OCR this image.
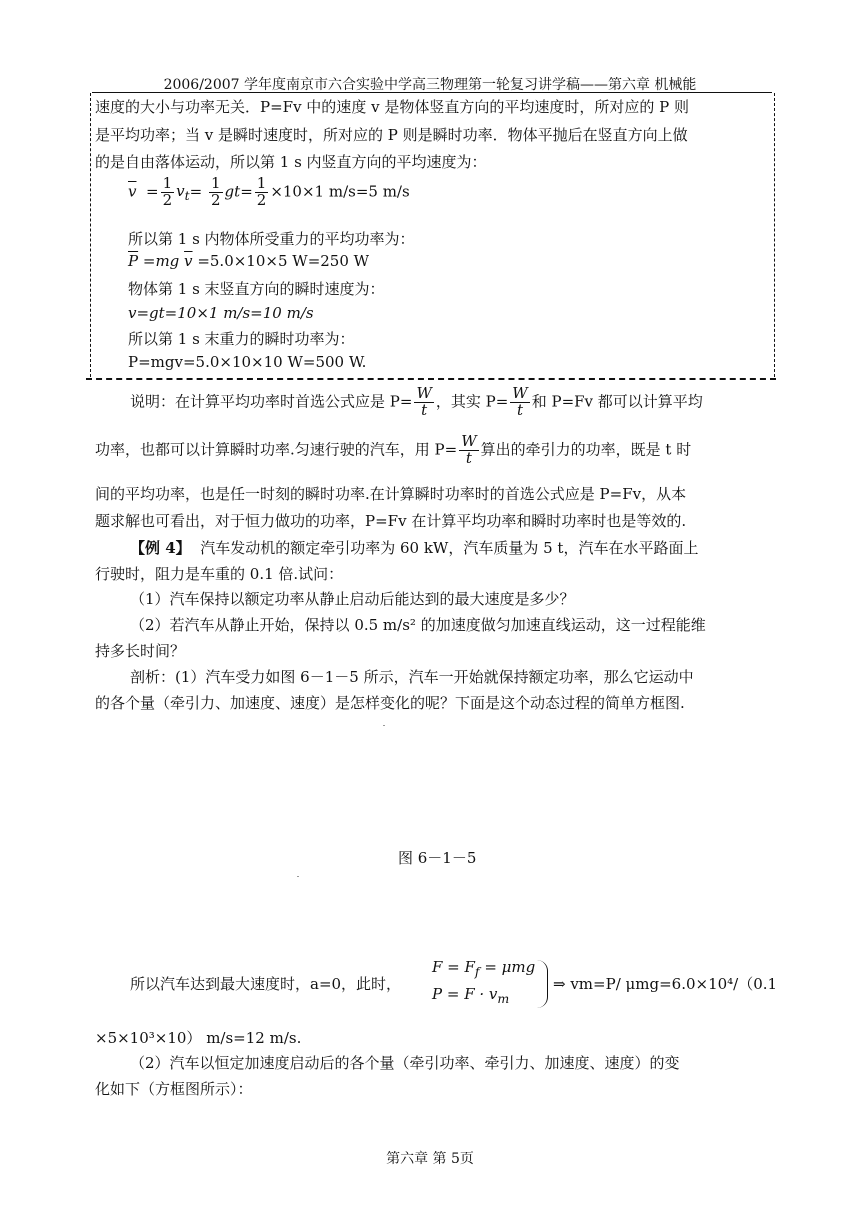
2006/2007 学年度南京市六合实验中学高三物理第一轮复习讲学稿——第六章 机械能
速度的大小与功率无关．P=Fv 中的速度 v 是物体竖直方向的平均速度时，所对应的 P 则
是平均功率；当 v 是瞬时速度时，所对应的 P 则是瞬时功率．物体平抛后在竖直方向上做
的是自由落体运动，所以第 1 s 内竖直方向的平均速度为：
$\overline{v} = \frac{1}{2} v_t= \frac{1}{2} gt= \frac{1}{2} \times 10\times 1$ m/s=5 m/s
所以第 1 s 内物体所受重力的平均功率为：
$\overline{P} =mg$ $\overline{v} =5.0\times 10\times 5$ W=250 W
物体第 1 s 末竖直方向的瞬时速度为：
v=gt=10×1 m/s=10 m/s
所以第 1 s 末重力的瞬时功率为：
P=mgv=5.0×10×10 W=500 W.
说明：在计算平均功率时首选公式应是 $P= \frac{W}{t}$ ，其实 $P= \frac{W}{t}$ 和 P=Fv 都可以计算平均
功率，也都可以计算瞬时功率.匀速行驶的汽车，用 $P= \frac{W}{t}$ 算出的牵引力的功率，既是 t 时
间的平均功率，也是任一时刻的瞬时功率.在计算瞬时功率时的首选公式应是 P=Fv，从本
题求解也可看出，对于恒力做功的功率，P=Fv 在计算平均功率和瞬时功率时也是等效的.
【例 4】 汽车发动机的额定牵引功率为 60 kW，汽车质量为 5 t，汽车在水平路面上
行驶时，阻力是车重的 0.1 倍.试问：
（1）汽车保持以额定功率从静止启动后能达到的最大速度是多少？
（2）若汽车从静止开始，保持以 0.5 m/s² 的加速度做匀加速直线运动，这一过程能维
持多长时间？
剖析：(1）汽车受力如图 6－1－5 所示，汽车一开始就保持额定功率，那么它运动中
的各个量（牵引力、加速度、速度）是怎样变化的呢？下面是这个动态过程的简单方框图.
图 6－1－5
所以汽车达到最大速度时，a=0，此时，
$F = F_f = \mu mg$
$P = F \cdot v_m$
⇒ vm=P/ μmg=6.0×10⁴/（0.1
×5×10³×10） m/s=12 m/s.
（2）汽车以恒定加速度启动后的各个量（牵引功率、牵引力、加速度、速度）的变
化如下（方框图所示）：
第六章 第 5页
